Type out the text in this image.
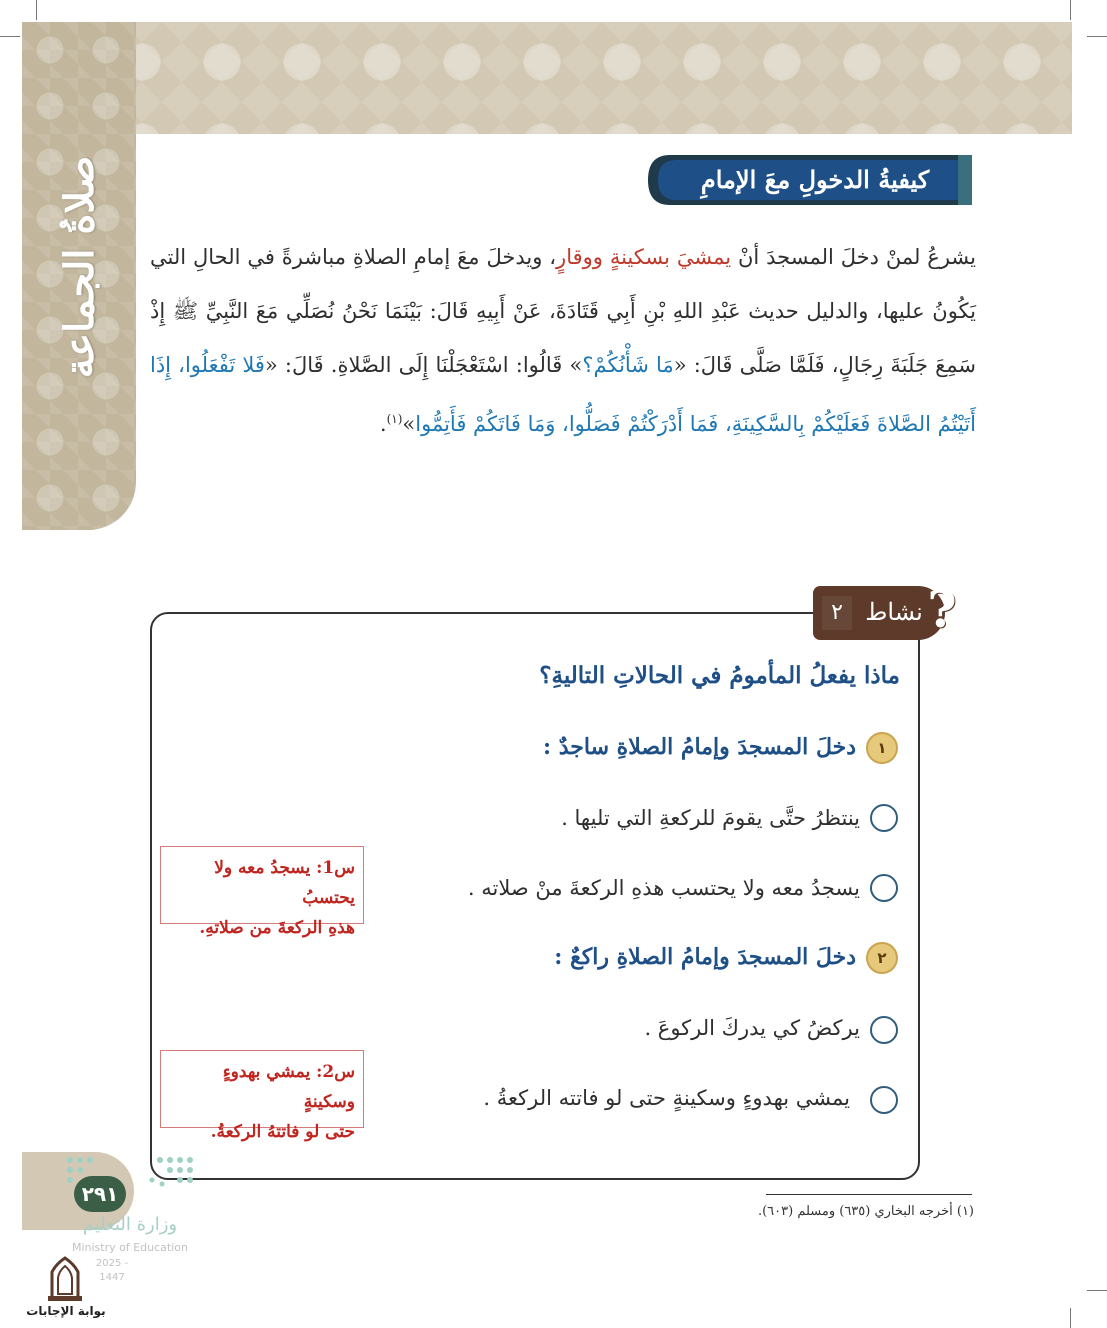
صلاةُ الجماعة	كيفيةُ الدخولِ معَ الإمامِ
يشرعُ لمنْ دخلَ المسجدَ أنْ يمشيَ بسكينةٍ ووقارٍ، ويدخلَ معَ إمامِ الصلاةِ مباشرةً في الحالِ التي يَكُونُ عليها، والدليل حديث عَبْدِ اللهِ بْنِ أَبِي قَتَادَةَ، عَنْ أَبِيهِ قَالَ: بَيْنَمَا نَحْنُ نُصَلِّي مَعَ النَّبِيِّ ﷺ إِذْ سَمِعَ جَلَبَةَ رِجَالٍ، فَلَمَّا صَلَّى قَالَ: «مَا شَأْنُكُمْ؟» قَالُوا: اسْتَعْجَلْنَا إِلَى الصَّلاةِ. قَالَ: «فَلا تَفْعَلُوا، إِذَا أَتَيْتُمُ الصَّلاةَ فَعَلَيْكُمْ بِالسَّكِينَةِ، فَمَا أَدْرَكْتُمْ فَصَلُّوا، وَمَا فَاتَكُمْ فَأَتِمُّوا»$^{(١)}$.
٢ نشاط ?
ماذا يفعلُ المأمومُ في الحالاتِ التاليةِ؟
١
دخلَ المسجدَ وإمامُ الصلاةِ ساجدٌ :
ينتظرُ حتَّى يقومَ للركعةِ التي تليها .
يسجدُ معه ولا يحتسب هذهِ الركعةَ منْ صلاته .
س1: يسجدُ معه ولا يحتسبُ
هذهِ الركعةَ من صلاتهِ.
٢
دخلَ المسجدَ وإمامُ الصلاةِ راكعٌ :
يركضُ كي يدركَ الركوعَ .
يمشي بهدوءٍ وسكينةٍ حتى لو فاتته الركعةُ .
س2: يمشي بهدوءٍ وسكينةٍ
حتى لو فاتتهُ الركعةُ.
(١) أخرجه البخاري (٦٣٥) ومسلم (٦٠٣).
٢٩١
وزارة التعليم
Ministry of Education
2025 - 1447
بوابة الإجابات
